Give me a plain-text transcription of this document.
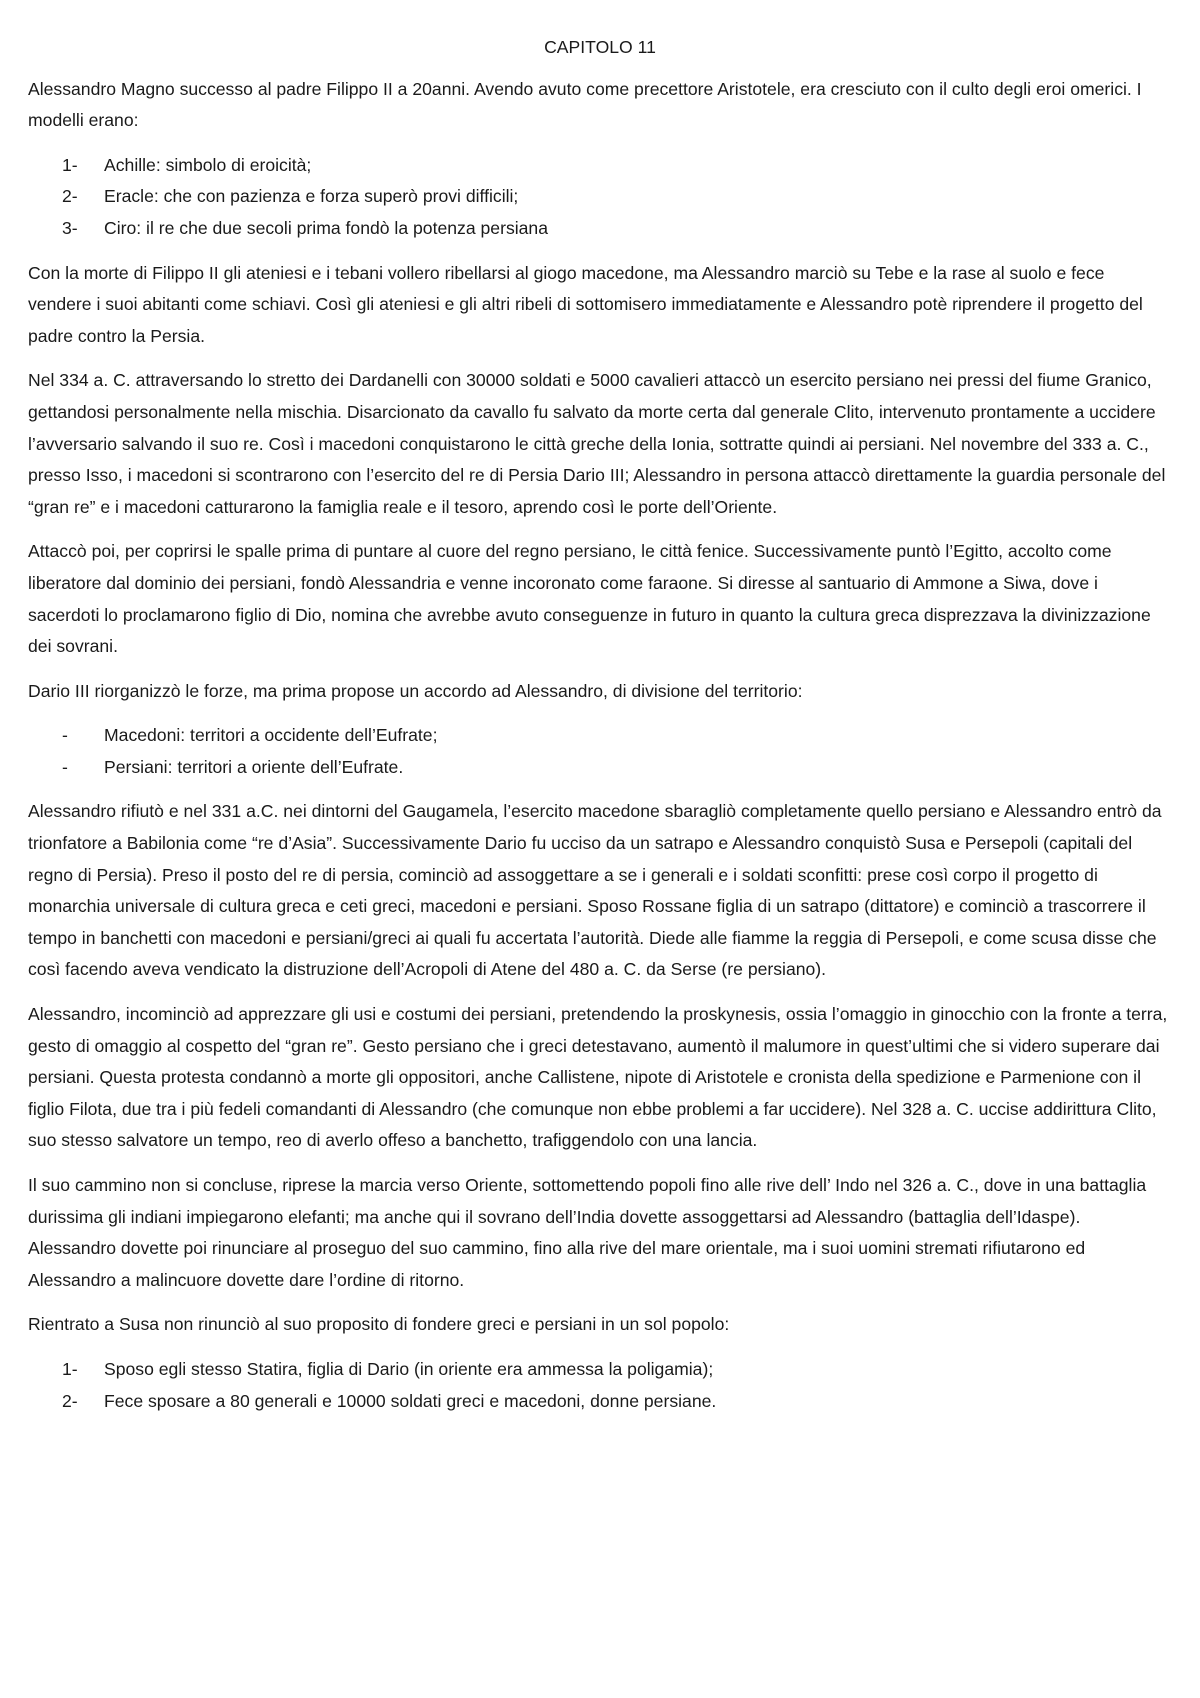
CAPITOLO 11

Alessandro Magno successo al padre Filippo II a 20anni. Avendo avuto come precettore Aristotele, era cresciuto con il culto degli eroi omerici. I modelli erano:

1-	Achille: simbolo di eroicità;
2-	Eracle: che con pazienza e forza superò provi difficili;
3-	Ciro: il re che due secoli prima fondò la potenza persiana

Con la morte di Filippo II gli ateniesi e i tebani vollero ribellarsi al giogo macedone, ma Alessandro marciò su Tebe e la rase al suolo e fece vendere i suoi abitanti come schiavi. Così gli ateniesi e gli altri ribeli di sottomisero immediatamente e Alessandro potè riprendere il progetto del padre contro la Persia.

Nel 334 a. C. attraversando lo stretto dei Dardanelli con 30000 soldati e 5000 cavalieri attaccò un esercito persiano nei pressi del fiume Granico, gettandosi personalmente nella mischia. Disarcionato da cavallo fu salvato da morte certa dal generale Clito, intervenuto prontamente a uccidere l’avversario salvando il suo re. Così i macedoni conquistarono le città greche della Ionia, sottratte quindi ai persiani. Nel novembre del 333 a. C., presso Isso, i macedoni si scontrarono con l’esercito del re di Persia Dario III; Alessandro in persona attaccò direttamente la guardia personale del “gran re” e i macedoni catturarono la famiglia reale e il tesoro, aprendo così le porte dell’Oriente.

Attaccò poi, per coprirsi le spalle prima di puntare al cuore del regno persiano, le città fenice. Successivamente puntò l’Egitto, accolto come liberatore dal dominio dei persiani, fondò Alessandria e venne incoronato come faraone. Si diresse al santuario di Ammone a Siwa, dove i sacerdoti lo proclamarono figlio di Dio, nomina che avrebbe avuto conseguenze in futuro in quanto la cultura greca disprezzava la divinizzazione dei sovrani.

Dario III riorganizzò le forze, ma prima propose un accordo ad Alessandro, di divisione del territorio:

-	Macedoni: territori a occidente dell’Eufrate;
-	Persiani: territori a oriente dell’Eufrate.

Alessandro rifiutò e nel 331 a.C. nei dintorni del Gaugamela, l’esercito macedone sbaragliò completamente quello persiano e Alessandro entrò da trionfatore a Babilonia come “re d’Asia”. Successivamente Dario fu ucciso da un satrapo e Alessandro conquistò Susa e Persepoli (capitali del regno di Persia). Preso il posto del re di persia, cominciò ad assoggettare a se i generali e i soldati sconfitti: prese così corpo il progetto di monarchia universale di cultura greca e ceti greci, macedoni e persiani. Sposo Rossane figlia di un satrapo (dittatore) e cominciò a trascorrere il tempo in banchetti con macedoni e persiani/greci ai quali fu accertata l’autorità. Diede alle fiamme la reggia di Persepoli, e come scusa disse che così facendo aveva vendicato la distruzione dell’Acropoli di Atene del 480 a. C. da Serse (re persiano).

Alessandro, incominciò ad apprezzare gli usi e costumi dei persiani, pretendendo la proskynesis, ossia l’omaggio in ginocchio con la fronte a terra, gesto di omaggio al cospetto del “gran re”. Gesto persiano che i greci detestavano, aumentò il malumore in quest’ultimi che si videro superare dai persiani. Questa protesta condannò a morte gli oppositori, anche Callistene, nipote di Aristotele e cronista della spedizione e Parmenione con il figlio Filota, due tra i più fedeli comandanti di Alessandro (che comunque non ebbe problemi a far uccidere). Nel 328 a. C. uccise addirittura Clito, suo stesso salvatore un tempo, reo di averlo offeso a banchetto, trafiggendolo con una lancia.

Il suo cammino non si concluse, riprese la marcia verso Oriente, sottomettendo popoli fino alle rive dell’ Indo nel 326 a. C., dove in una battaglia durissima gli indiani impiegarono elefanti; ma anche qui il sovrano dell’India dovette assoggettarsi ad Alessandro (battaglia dell’Idaspe). Alessandro dovette poi rinunciare al proseguo del suo cammino, fino alla rive del mare orientale, ma i suoi uomini stremati rifiutarono ed Alessandro a malincuore dovette dare l’ordine di ritorno.

Rientrato a Susa non rinunciò al suo proposito di fondere greci e persiani in un sol popolo:

1-	Sposo egli stesso Statira, figlia di Dario (in oriente era ammessa la poligamia);
2-	Fece sposare a 80 generali e 10000 soldati greci e macedoni, donne persiane.
